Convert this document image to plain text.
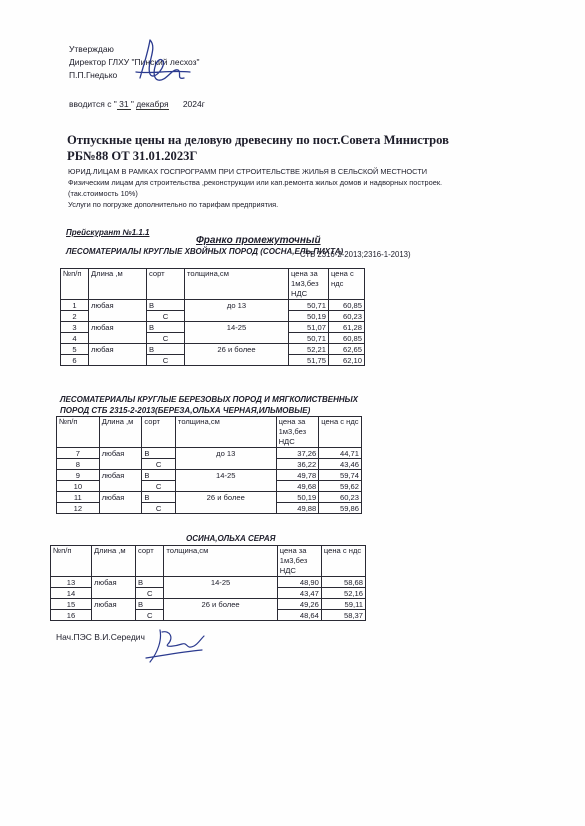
Утверждаю
Директор ГЛХУ "Пинский лесхоз"
П.П.Гнедько
вводится с " 31 " декабря 2024г
Отпускные цены на деловую древесину по пост.Совета Министров РБ№88 ОТ 31.01.2023Г
ЮРИД.ЛИЦАМ В РАМКАХ ГОСПРОГРАММ ПРИ СТРОИТЕЛЬСТВЕ ЖИЛЬЯ В СЕЛЬСКОЙ МЕСТНОСТИ
Физическим лицам для строительства ,реконструкции или кап.ремонта жилых домов и надворных построек.(так.стоимость 10%)
Услуги по погрузке дополнительно по тарифам предприятия.
Прейскурант №1.1.1
Франко промежуточный
ЛЕСОМАТЕРИАЛЫ КРУГЛЫЕ ХВОЙНЫХ ПОРОД (СОСНА,ЕЛЬ,ПИХТА)
СТБ 2316-2-2013;2316-1-2013)
№п/п	Длина ,м	сорт	толщина,см	цена за 1м3,без НДС	цена с ндс
1	любая	В	до 13	50,71	60,85
2		С		50,19	60,23
3	любая	В	14-25	51,07	61,28
4		С		50,71	60,85
5	любая	В	26 и более	52,21	62,65
6		С		51,75	62,10
ЛЕСОМАТЕРИАЛЫ КРУГЛЫЕ БЕРЕЗОВЫХ ПОРОД И МЯГКОЛИСТВЕННЫХ ПОРОД СТБ 2315-2-2013(БЕРЕЗА,ОЛЬХА ЧЕРНАЯ,ИЛЬМОВЫЕ)
№п/п	Длина ,м	сорт	толщина,см	цена за 1м3,без НДС	цена с ндс
7	любая	В	до 13	37,26	44,71
8		С		36,22	43,46
9	любая	В	14-25	49,78	59,74
10		С		49,68	59,62
11	любая	В	26 и более	50,19	60,23
12		С		49,88	59,86
ОСИНА,ОЛЬХА СЕРАЯ
№п/п	Длина ,м	сорт	толщина,см	цена за 1м3,без НДС	цена с ндс
13	любая	В	14-25	48,90	58,68
14		С		43,47	52,16
15	любая	В	26 и более	49,26	59,11
16		С		48,64	58,37
Нач.ПЭС В.И.Середич
